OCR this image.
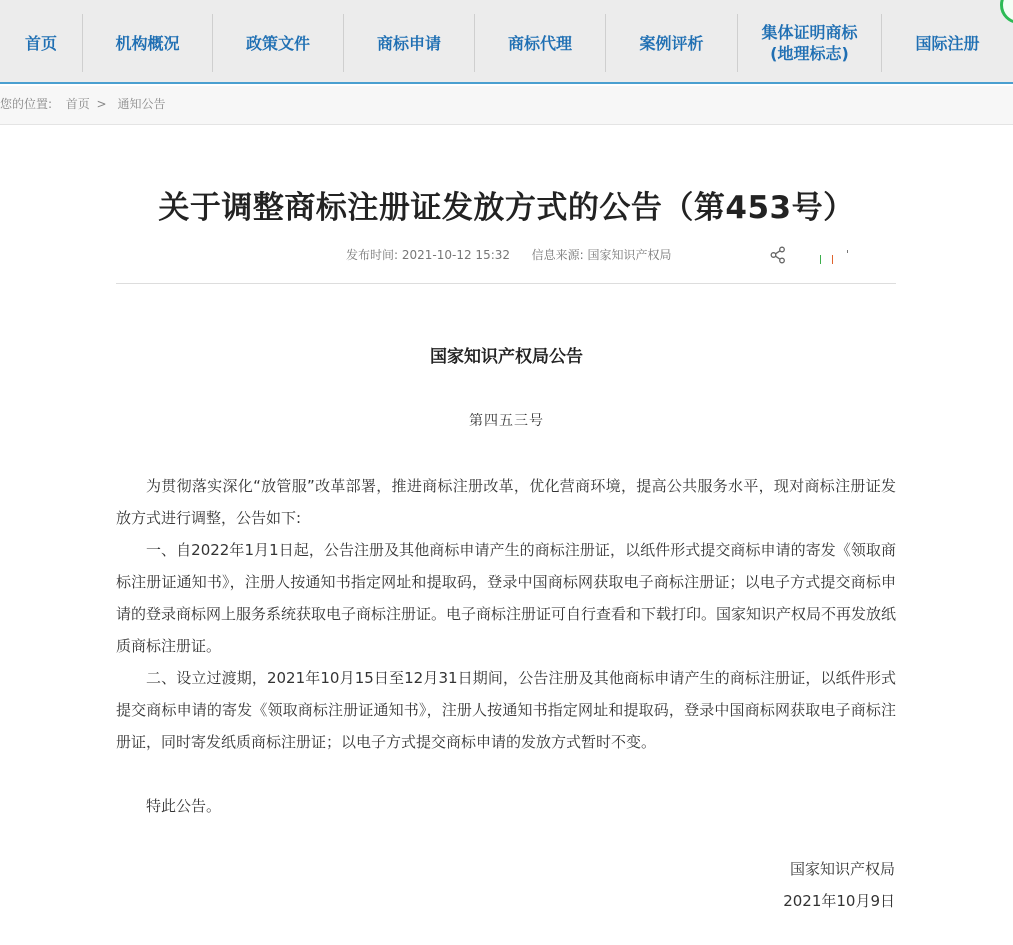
首页	机构概况	政策文件	商标申请	商标代理	案例评析
集体证明商标
(地理标志)
国际注册
您的位置: 首页 > 通知公告
关于调整商标注册证发放方式的公告（第453号）
发布时间: 2021-10-12 15:32 信息来源: 国家知识产权局
国家知识产权局公告
第四五三号

为贯彻落实深化“放管服”改革部署，推进商标注册改革，优化营商环境，提高公共服务水平，现对商标注册证发放方式进行调整，公告如下:

一、自2022年1月1日起，公告注册及其他商标申请产生的商标注册证，以纸件形式提交商标申请的寄发《领取商标注册证通知书》，注册人按通知书指定网址和提取码，登录中国商标网获取电子商标注册证；以电子方式提交商标申请的登录商标网上服务系统获取电子商标注册证。电子商标注册证可自行查看和下载打印。国家知识产权局不再发放纸质商标注册证。

二、设立过渡期，2021年10月15日至12月31日期间，公告注册及其他商标申请产生的商标注册证，以纸件形式提交商标申请的寄发《领取商标注册证通知书》，注册人按通知书指定网址和提取码，登录中国商标网获取电子商标注册证，同时寄发纸质商标注册证；以电子方式提交商标申请的发放方式暂时不变。

特此公告。

国家知识产权局
2021年10月9日
